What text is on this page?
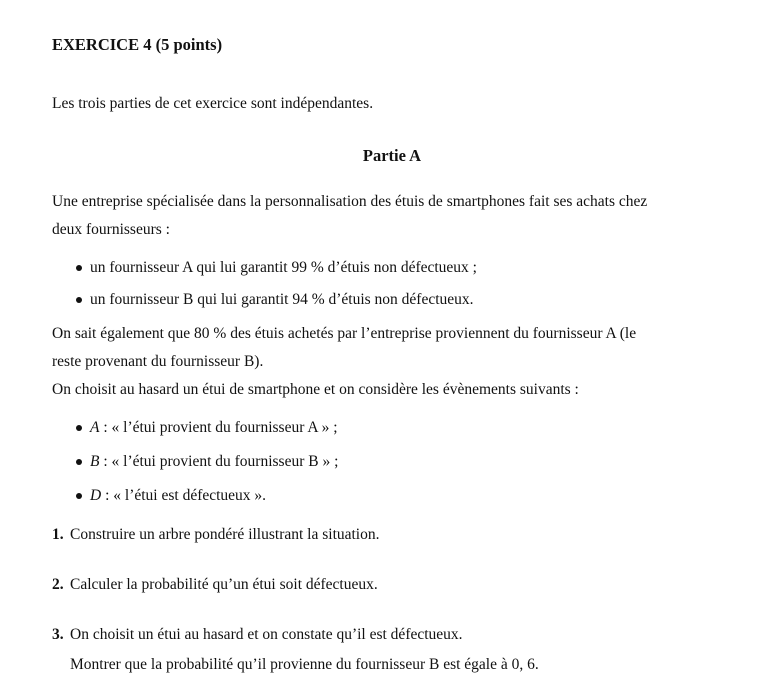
EXERCICE 4 (5 points)
Les trois parties de cet exercice sont indépendantes.
Partie A
Une entreprise spécialisée dans la personnalisation des étuis de smartphones fait ses achats chez
deux fournisseurs :
un fournisseur A qui lui garantit 99 % d’étuis non défectueux ;
un fournisseur B qui lui garantit 94 % d’étuis non défectueux.
On sait également que 80 % des étuis achetés par l’entreprise proviennent du fournisseur A (le
reste provenant du fournisseur B).
On choisit au hasard un étui de smartphone et on considère les évènements suivants :
A : « l’étui provient du fournisseur A » ;
B : « l’étui provient du fournisseur B » ;
D : « l’étui est défectueux ».
1. Construire un arbre pondéré illustrant la situation.
2. Calculer la probabilité qu’un étui soit défectueux.
3. On choisit un étui au hasard et on constate qu’il est défectueux.
Montrer que la probabilité qu’il provienne du fournisseur B est égale à 0, 6.
